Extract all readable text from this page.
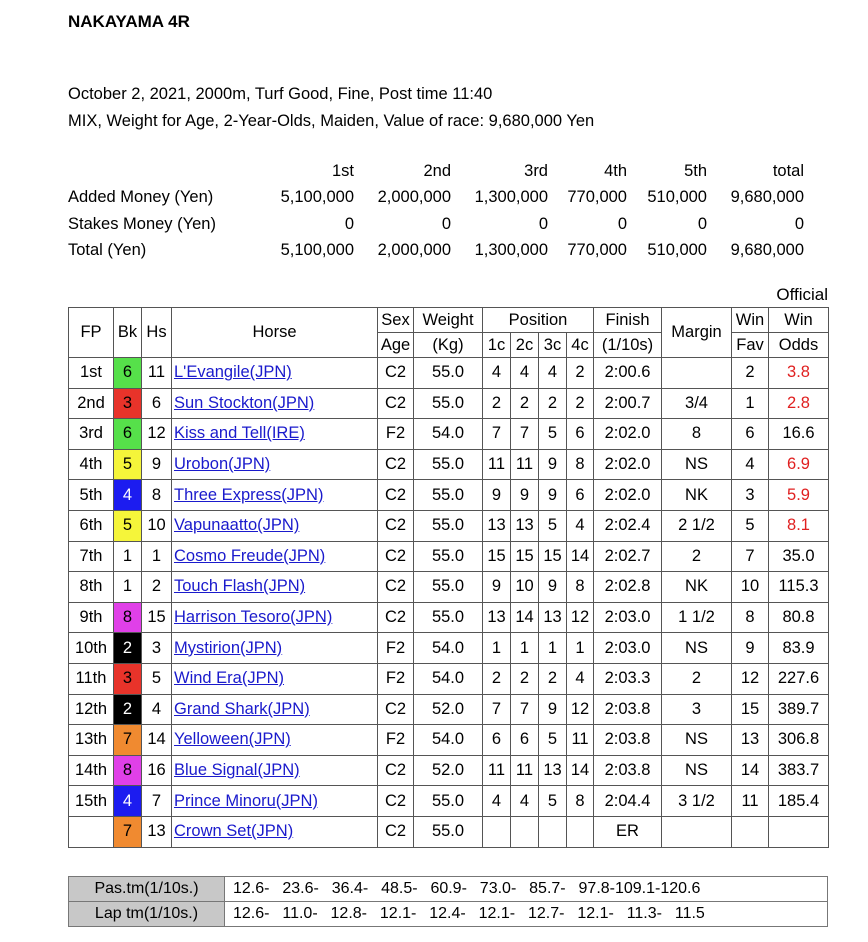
NAKAYAMA 4R
October 2, 2021, 2000m, Turf Good, Fine, Post time 11:40
MIX, Weight for Age, 2-Year-Olds, Maiden, Value of race: 9,680,000 Yen
	1st	2nd	3rd	4th	5th	total
Added Money (Yen)	5,100,000	2,000,000	1,300,000	770,000	510,000	9,680,000
Stakes Money (Yen)	0	0	0	0	0	0
Total (Yen)	5,100,000	2,000,000	1,300,000	770,000	510,000	9,680,000
Official
FP	Bk	Hs	Horse	Sex	Weight	Position				Finish	Margin	Win	Win
				Age	(Kg)	1c	2c	3c	4c	(1/10s)		Fav	Odds
1st	6	11	L'Evangile(JPN)	C2	55.0	4	4	4	2	2:00.6		2	3.8
2nd	3	6	Sun Stockton(JPN)	C2	55.0	2	2	2	2	2:00.7	3/4	1	2.8
3rd	6	12	Kiss and Tell(IRE)	F2	54.0	7	7	5	6	2:02.0	8	6	16.6
4th	5	9	Urobon(JPN)	C2	55.0	11	11	9	8	2:02.0	NS	4	6.9
5th	4	8	Three Express(JPN)	C2	55.0	9	9	9	6	2:02.0	NK	3	5.9
6th	5	10	Vapunaatto(JPN)	C2	55.0	13	13	5	4	2:02.4	2 1/2	5	8.1
7th	1	1	Cosmo Freude(JPN)	C2	55.0	15	15	15	14	2:02.7	2	7	35.0
8th	1	2	Touch Flash(JPN)	C2	55.0	9	10	9	8	2:02.8	NK	10	115.3
9th	8	15	Harrison Tesoro(JPN)	C2	55.0	13	14	13	12	2:03.0	1 1/2	8	80.8
10th	2	3	Mystirion(JPN)	F2	54.0	1	1	1	1	2:03.0	NS	9	83.9
11th	3	5	Wind Era(JPN)	F2	54.0	2	2	2	4	2:03.3	2	12	227.6
12th	2	4	Grand Shark(JPN)	C2	52.0	7	7	9	12	2:03.8	3	15	389.7
13th	7	14	Yelloween(JPN)	F2	54.0	6	6	5	11	2:03.8	NS	13	306.8
14th	8	16	Blue Signal(JPN)	C2	52.0	11	11	13	14	2:03.8	NS	14	383.7
15th	4	7	Prince Minoru(JPN)	C2	55.0	4	4	5	8	2:04.4	3 1/2	11	185.4
	7	13	Crown Set(JPN)	C2	55.0					ER			
Pas.tm(1/10s.)	12.6-  23.6-  36.4-  48.5-  60.9-  73.0-  85.7-  97.8-109.1-120.6
Lap tm(1/10s.)	12.6-  11.0-  12.8-  12.1-  12.4-  12.1-  12.7-  12.1-  11.3-  11.5
